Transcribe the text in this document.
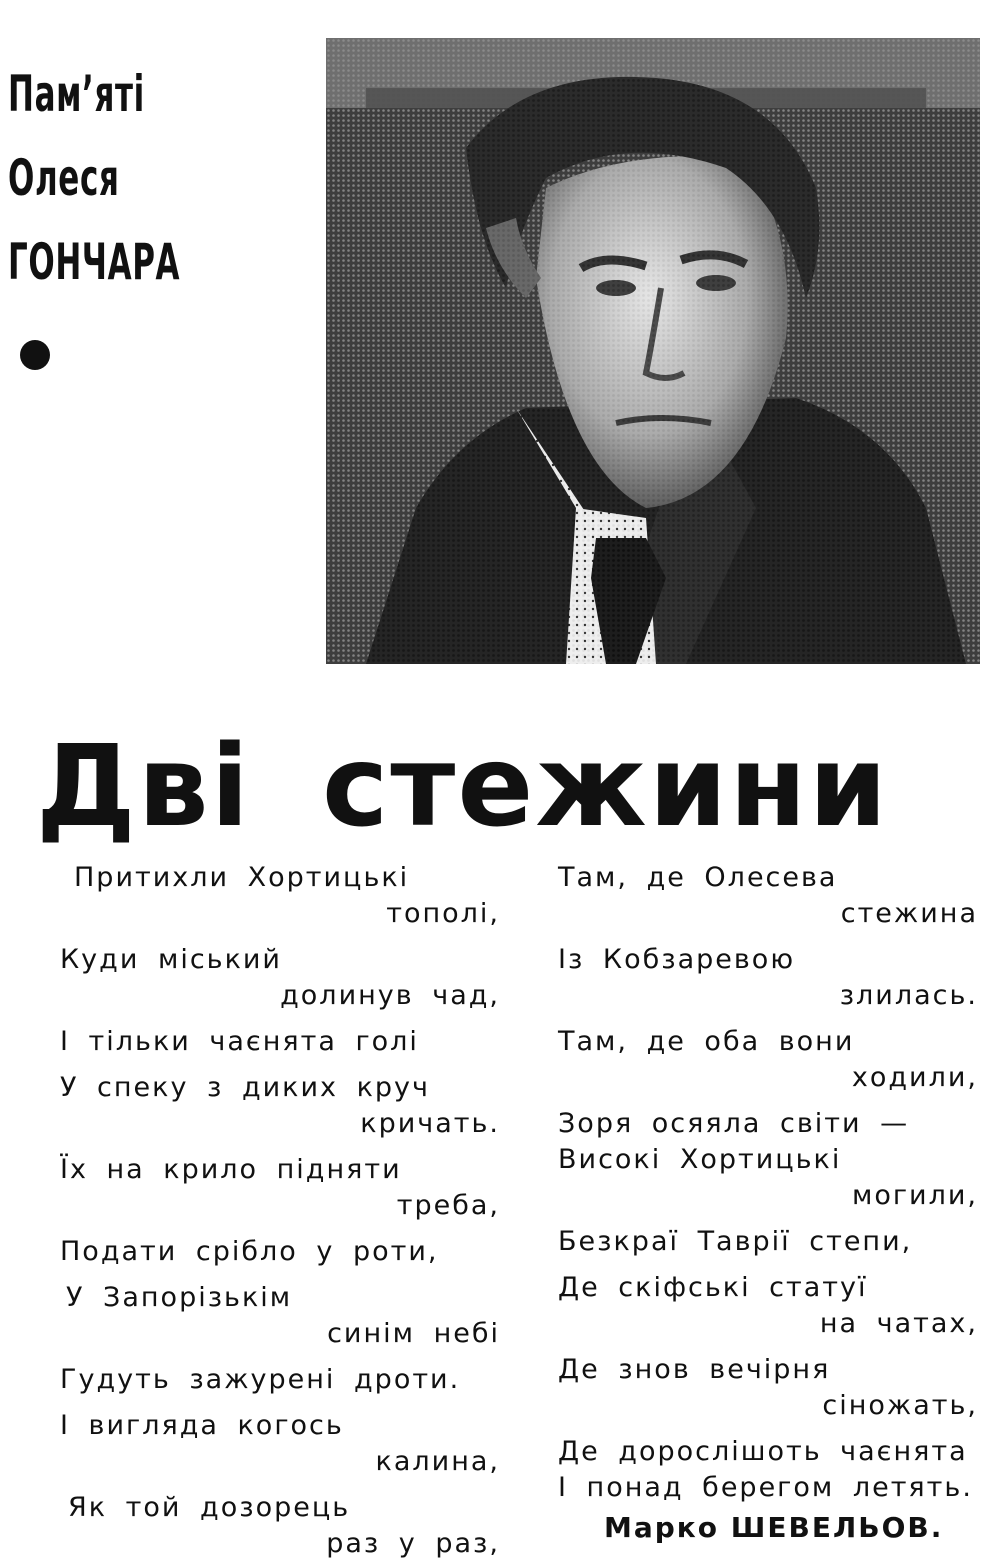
Пам’яті
Олеся
ГОНЧАРА
Дві стежини
Притихли Хортицькі
тополі,
Куди міський
долинув чад,
І тільки чаєнята голі
У спеку з диких круч
кричать.
Їх на крило підняти
треба,
Подати срібло у роти,
У Запорізькім
синім небі
Гудуть зажурені дроти.
І вигляда когось
калина,
Як той дозорець
раз у раз,
Там, де Олесева
стежина
Із Кобзаревою
злилась.
Там, де оба вони
ходили,
Зоря осяяла світи —
Високі Хортицькі
могили,
Безкраї Таврії степи,
Де скіфські статуї
на чатах,
Де знов вечірня
сіножать,
Де дорослішоть чаєнята
І понад берегом летять.
Марко ШЕВЕЛЬОВ.
